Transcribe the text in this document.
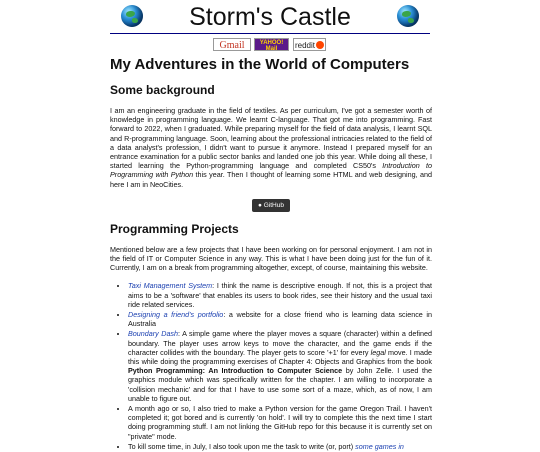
Storm's Castle
Gmail	YAHOO! Mail	reddit
My Adventures in the World of Computers
Some background

I am an engineering graduate in the field of textiles. As per curriculum, I've got a semester worth of knowledge in programming language. We learnt C-language. That got me into programming. Fast forward to 2022, when I graduated. While preparing myself for the field of data analysis, I learnt SQL and R-programming language. Soon, learning about the professional intricacies related to the field of a data analyst's profession, I didn't want to pursue it anymore. Instead I prepared myself for an entrance examination for a public sector banks and landed one job this year. While doing all these, I started learning the Python-programming language and completed CS50's Introduction to Programming with Python this year. Then I thought of learning some HTML and web designing, and here I am in NeoCities.

● GitHub
Programming Projects

Mentioned below are a few projects that I have been working on for personal enjoyment. I am not in the field of IT or Computer Science in any way. This is what I have been doing just for the fun of it. Currently, I am on a break from programming altogether, except, of course, maintaining this website.

• Taxi Management System: I think the name is descriptive enough. If not, this is a project that aims to be a 'software' that enables its users to book rides, see their history and the usual taxi ride related services.
• Designing a friend's portfolio: a website for a close friend who is learning data science in Australia
• Boundary Dash: A simple game where the player moves a square (character) within a defined boundary. The player uses arrow keys to move the character, and the game ends if the character collides with the boundary. The player gets to score '+1' for every legal move. I made this while doing the programming exercises of Chapter 4: Objects and Graphics from the book Python Programming: An Introduction to Computer Science by John Zelle. I used the graphics module which was specifically written for the chapter. I am willing to incorporate a 'collision mechanic' and for that I have to use some sort of a maze, which, as of now, I am unable to figure out.
• A month ago or so, I also tried to make a Python version for the game Oregon Trail. I haven't completed it; got bored and is currently 'on hold'. I will try to complete this the next time I start doing programming stuff. I am not linking the GitHub repo for this because it is currently set on "private" mode.
• To kill some time, in July, I also took upon me the task to write (or, port) some games in
